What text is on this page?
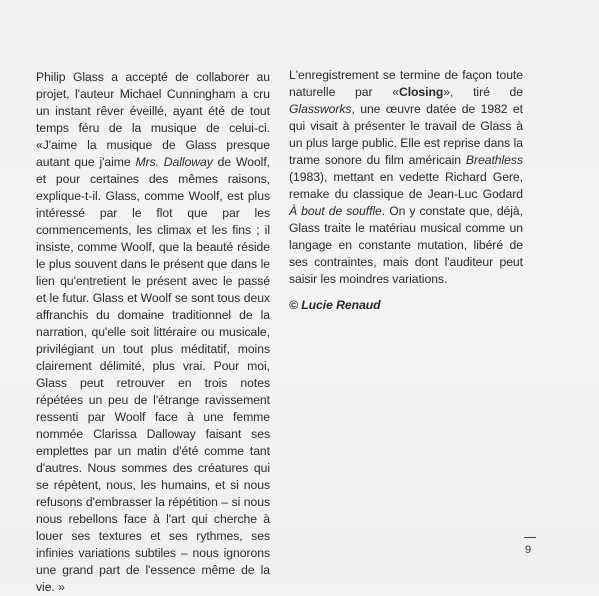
Philip Glass a accepté de collaborer au projet, l'auteur Michael Cunningham a cru un instant rêver éveillé, ayant été de tout temps féru de la musique de celui-ci. «J'aime la musique de Glass presque autant que j'aime Mrs. Dalloway de Woolf, et pour certaines des mêmes raisons, explique-t-il. Glass, comme Woolf, est plus intéressé par le flot que par les commencements, les climax et les fins ; il insiste, comme Woolf, que la beauté réside le plus souvent dans le présent que dans le lien qu'entretient le présent avec le passé et le futur. Glass et Woolf se sont tous deux affranchis du domaine traditionnel de la narration, qu'elle soit littéraire ou musicale, privilégiant un tout plus méditatif, moins clairement délimité, plus vrai. Pour moi, Glass peut retrouver en trois notes répétées un peu de l'étrange ravissement ressenti par Woolf face à une femme nommée Clarissa Dalloway faisant ses emplettes par un matin d'été comme tant d'autres. Nous sommes des créatures qui se répètent, nous, les humains, et si nous refusons d'embrasser la répétition – si nous nous rebellons face à l'art qui cherche à louer ses textures et ses rythmes, ses infinies variations subtiles – nous ignorons une grand part de l'essence même de la vie. »

L'enregistrement se termine de façon toute naturelle par «Closing», tiré de Glassworks, une œuvre datée de 1982 et qui visait à présenter le travail de Glass à un plus large public. Elle est reprise dans la trame sonore du film américain Breathless (1983), mettant en vedette Richard Gere, remake du classique de Jean-Luc Godard À bout de souffle. On y constate que, déjà, Glass traite le matériau musical comme un langage en constante mutation, libéré de ses contraintes, mais dont l'auditeur peut saisir les moindres variations.

© Lucie Renaud

9
